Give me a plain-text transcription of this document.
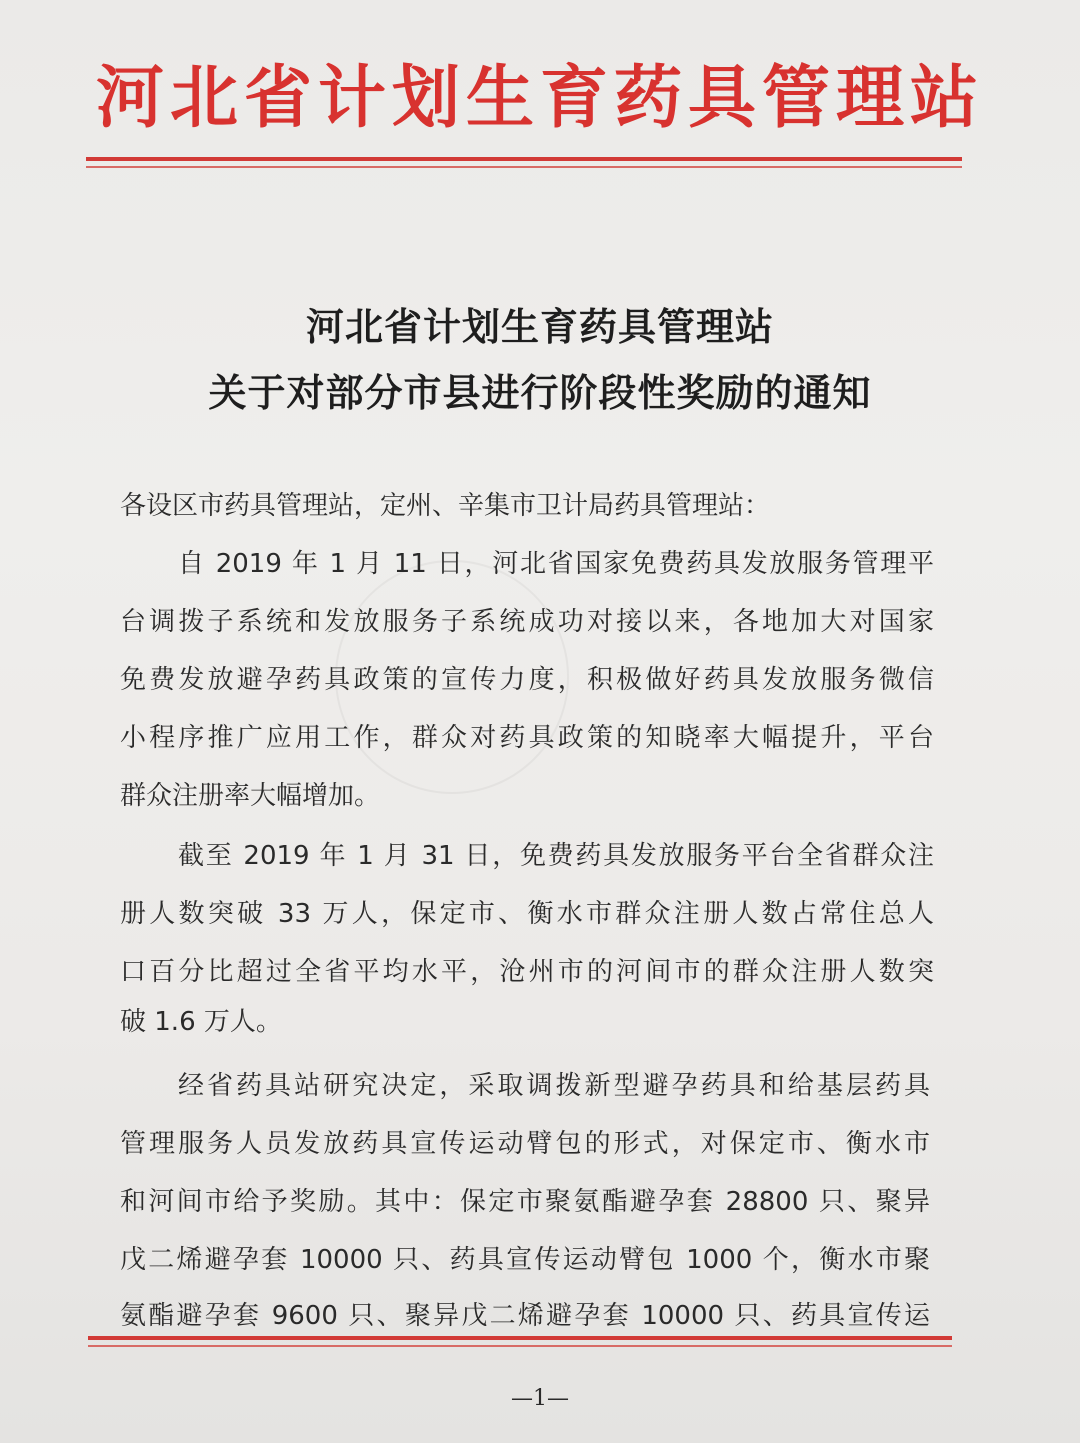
河北省计划生育药具管理站
河北省计划生育药具管理站
关于对部分市县进行阶段性奖励的通知
各设区市药具管理站，定州、辛集市卫计局药具管理站：
自 2019 年 1 月 11 日，河北省国家免费药具发放服务管理平
台调拨子系统和发放服务子系统成功对接以来，各地加大对国家
免费发放避孕药具政策的宣传力度，积极做好药具发放服务微信
小程序推广应用工作，群众对药具政策的知晓率大幅提升，平台
群众注册率大幅增加。
截至 2019 年 1 月 31 日，免费药具发放服务平台全省群众注
册人数突破 33 万人，保定市、衡水市群众注册人数占常住总人
口百分比超过全省平均水平，沧州市的河间市的群众注册人数突
破 1.6 万人。
经省药具站研究决定，采取调拨新型避孕药具和给基层药具
管理服务人员发放药具宣传运动臂包的形式，对保定市、衡水市
和河间市给予奖励。其中：保定市聚氨酯避孕套 28800 只、聚异
戊二烯避孕套 10000 只、药具宣传运动臂包 1000 个，衡水市聚
氨酯避孕套 9600 只、聚异戊二烯避孕套 10000 只、药具宣传运
—1—
